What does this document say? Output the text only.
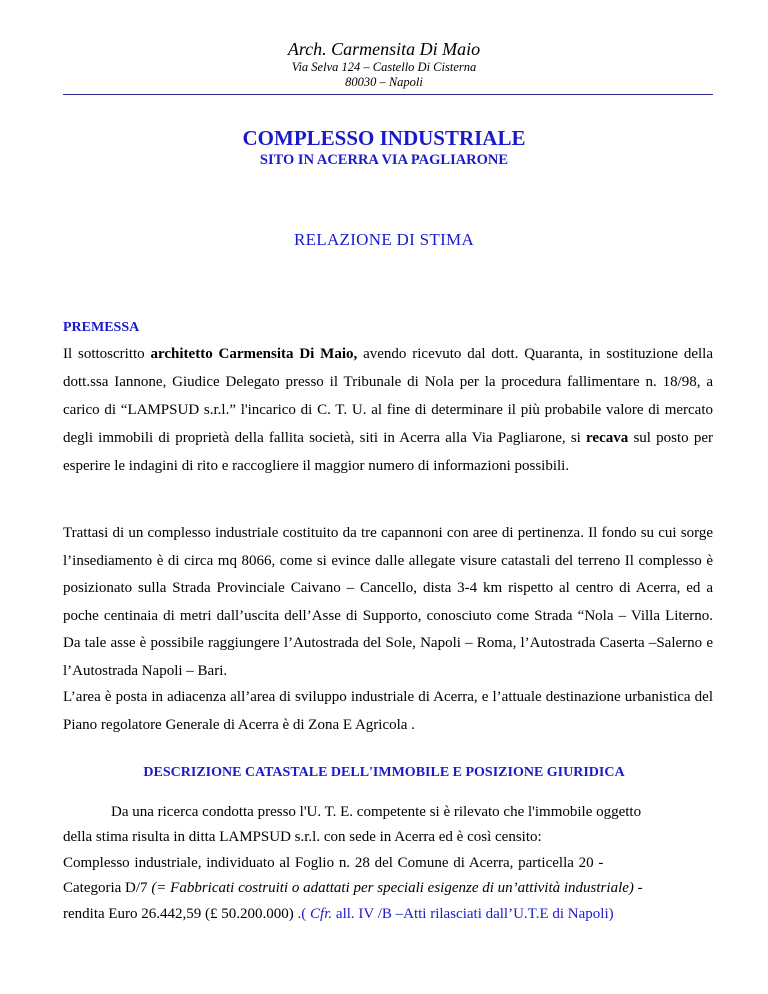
Arch. Carmensita Di Maio
Via Selva 124 – Castello Di Cisterna
80030 – Napoli
COMPLESSO INDUSTRIALE
SITO IN ACERRA VIA PAGLIARONE
RELAZIONE DI STIMA
PREMESSA
Il sottoscritto architetto Carmensita Di Maio, avendo ricevuto dal dott. Quaranta, in sostituzione della dott.ssa Iannone, Giudice Delegato presso il Tribunale di Nola per la procedura fallimentare n. 18/98, a carico di “LAMPSUD s.r.l.” l'incarico di C. T. U. al fine di determinare il più probabile valore di mercato degli immobili di proprietà della fallita società, siti in Acerra alla Via Pagliarone, si recava sul posto per esperire le indagini di rito e raccogliere il maggior numero di informazioni possibili.
Trattasi di un complesso industriale costituito da tre capannoni con aree di pertinenza. Il fondo su cui sorge l’insediamento è di circa mq 8066, come si evince dalle allegate visure catastali del terreno Il complesso è posizionato sulla Strada Provinciale Caivano – Cancello, dista 3-4 km rispetto al centro di Acerra, ed a poche centinaia di metri dall’uscita dell’Asse di Supporto, conosciuto come Strada “Nola – Villa Literno. Da tale asse è possibile raggiungere l’Autostrada del Sole, Napoli – Roma, l’Autostrada Caserta –Salerno e l’Autostrada Napoli – Bari.
L’area è posta in adiacenza all’area di sviluppo industriale di Acerra, e l’attuale destinazione urbanistica del Piano regolatore Generale di Acerra è di Zona E Agricola .
DESCRIZIONE CATASTALE DELL'IMMOBILE E POSIZIONE GIURIDICA
Da una ricerca condotta presso l'U. T. E. competente si è rilevato che l'immobile oggetto
della stima risulta in ditta LAMPSUD s.r.l. con sede in Acerra ed è così censito:
Complesso industriale, individuato al Foglio n. 28 del Comune di Acerra, particella 20 -
Categoria D/7 (= Fabbricati costruiti o adattati per speciali esigenze di un’attività industriale) -
rendita Euro 26.442,59 (£ 50.200.000) .( Cfr. all. IV /B –Atti rilasciati dall’U.T.E di Napoli)
